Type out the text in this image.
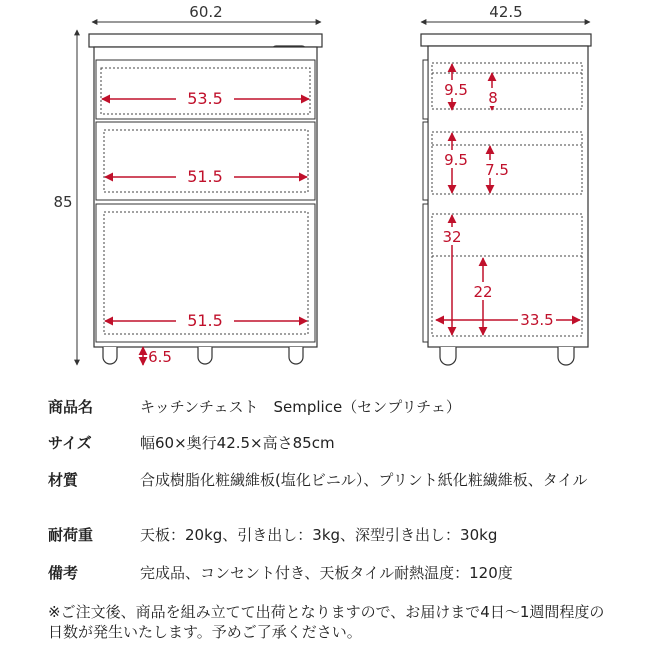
60.2
85
53.5
51.5
51.5
6.5
42.5
9.5 8
9.5
7.5
32
22
33.5
商品名	キッチンチェスト　Semplice（センプリチェ）
サイズ	幅60×奥行42.5×高さ85cm
材質	合成樹脂化粧繊維板(塩化ビニル）、プリント紙化粧繊維板、タイル
耐荷重	天板：20kg、引き出し：3kg、深型引き出し：30kg
備考	完成品、コンセント付き、天板タイル耐熱温度：120度
※ご注文後、商品を組み立てて出荷となりますので、お届けまで4日〜1週間程度の日数が発生いたします。予めご了承ください。
